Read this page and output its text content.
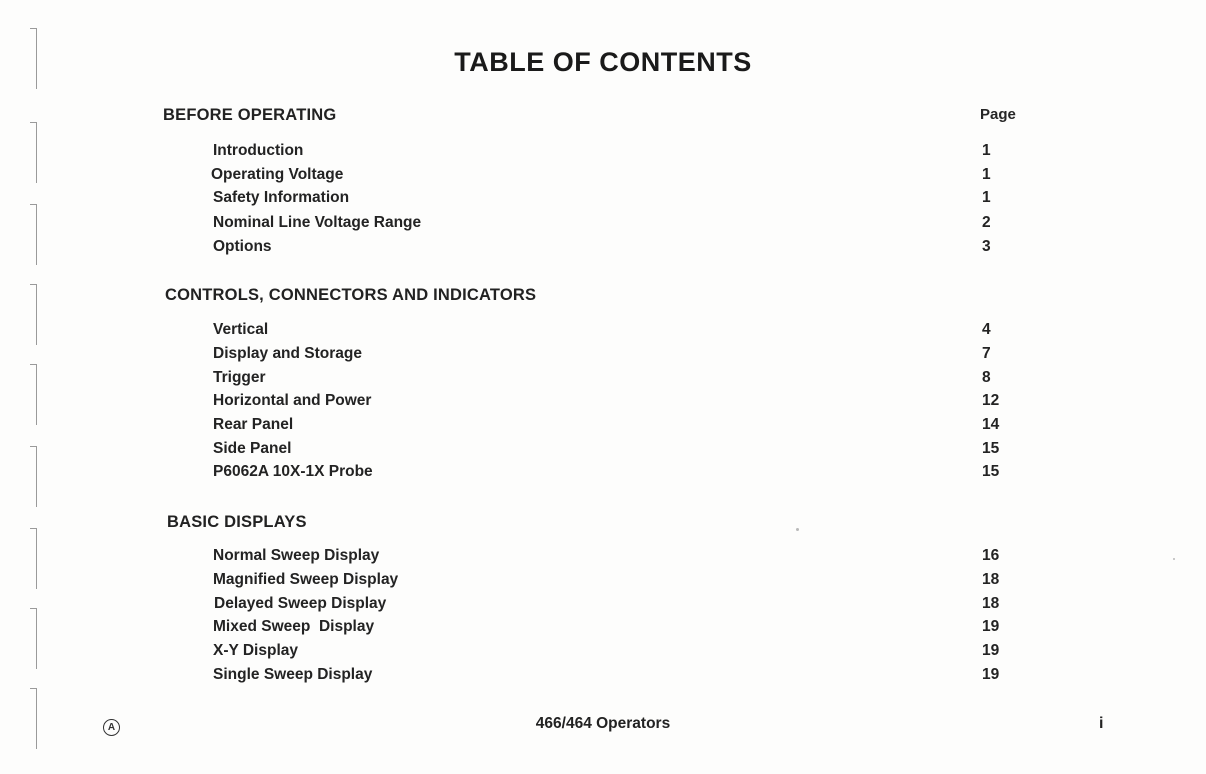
TABLE OF CONTENTS
Page
BEFORE OPERATING
Introduction	1
Operating Voltage	1
Safety Information	1
Nominal Line Voltage Range	2
Options	3
CONTROLS, CONNECTORS AND INDICATORS
Vertical	4
Display and Storage	7
Trigger	8
Horizontal and Power	12
Rear Panel	14
Side Panel	15
P6062A 10X-1X Probe	15
BASIC DISPLAYS
Normal Sweep Display	16
Magnified Sweep Display	18
Delayed Sweep Display	18
Mixed Sweep  Display	19
X-Y Display	19
Single Sweep Display	19
A	466/464 Operators	i
